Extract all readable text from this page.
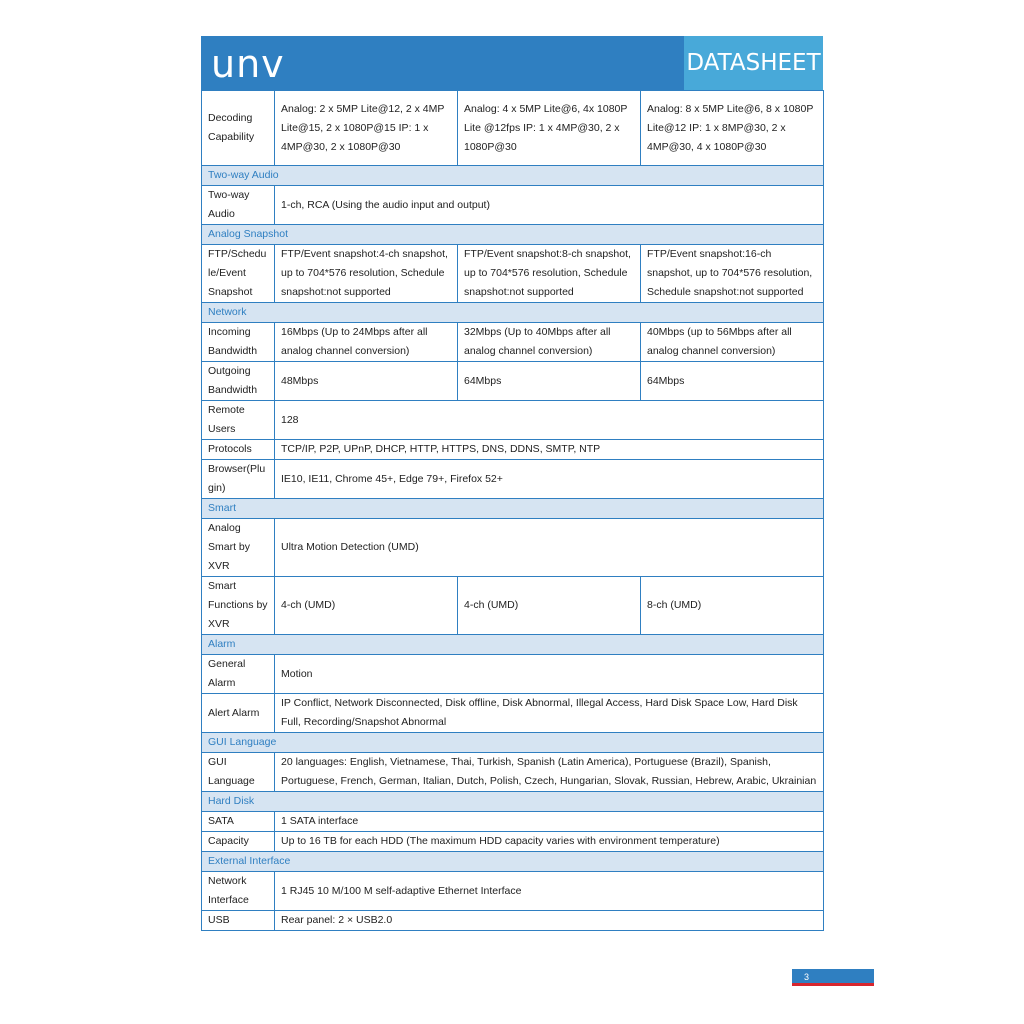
unv	DATASHEET
Decoding Capability	Analog: 2 x 5MP Lite@12, 2 x 4MP Lite@15, 2 x 1080P@15 IP: 1 x 4MP@30, 2 x 1080P@30	Analog: 4 x 5MP Lite@6, 4x 1080P Lite @12fps IP: 1 x 4MP@30, 2 x 1080P@30	Analog: 8 x 5MP Lite@6, 8 x 1080P Lite@12 IP: 1 x 8MP@30, 2 x 4MP@30, 4 x 1080P@30
Two-way Audio			
Two-way Audio	1-ch, RCA (Using the audio input and output)		
Analog Snapshot			
FTP/Schedule/Event Snapshot	FTP/Event snapshot:4-ch snapshot, up to 704*576 resolution, Schedule snapshot:not supported	FTP/Event snapshot:8-ch snapshot, up to 704*576 resolution, Schedule snapshot:not supported	FTP/Event snapshot:16-ch snapshot, up to 704*576 resolution, Schedule snapshot:not supported
Network			
Incoming Bandwidth	16Mbps (Up to 24Mbps after all analog channel conversion)	32Mbps (Up to 40Mbps after all analog channel conversion)	40Mbps (up to 56Mbps after all analog channel conversion)
Outgoing Bandwidth	48Mbps	64Mbps	64Mbps
Remote Users	128		
Protocols	TCP/IP, P2P, UPnP, DHCP, HTTP, HTTPS, DNS, DDNS, SMTP, NTP		
Browser(Plugin)	IE10, IE11, Chrome 45+, Edge 79+, Firefox 52+		
Smart			
Analog Smart by XVR	Ultra Motion Detection (UMD)		
Smart Functions by XVR	4-ch (UMD)	4-ch (UMD)	8-ch (UMD)
Alarm			
General Alarm	Motion		
Alert Alarm	IP Conflict, Network Disconnected, Disk offline, Disk Abnormal, Illegal Access, Hard Disk Space Low, Hard Disk Full, Recording/Snapshot Abnormal		
GUI Language			
GUI Language	20 languages: English, Vietnamese, Thai, Turkish, Spanish (Latin America), Portuguese (Brazil), Spanish, Portuguese, French, German, Italian, Dutch, Polish, Czech, Hungarian, Slovak, Russian, Hebrew, Arabic, Ukrainian		
Hard Disk			
SATA	1 SATA interface		
Capacity	Up to 16 TB for each HDD (The maximum HDD capacity varies with environment temperature)		
External Interface			
Network Interface	1 RJ45 10 M/100 M self-adaptive Ethernet Interface		
USB	Rear panel: 2 × USB2.0		
3
